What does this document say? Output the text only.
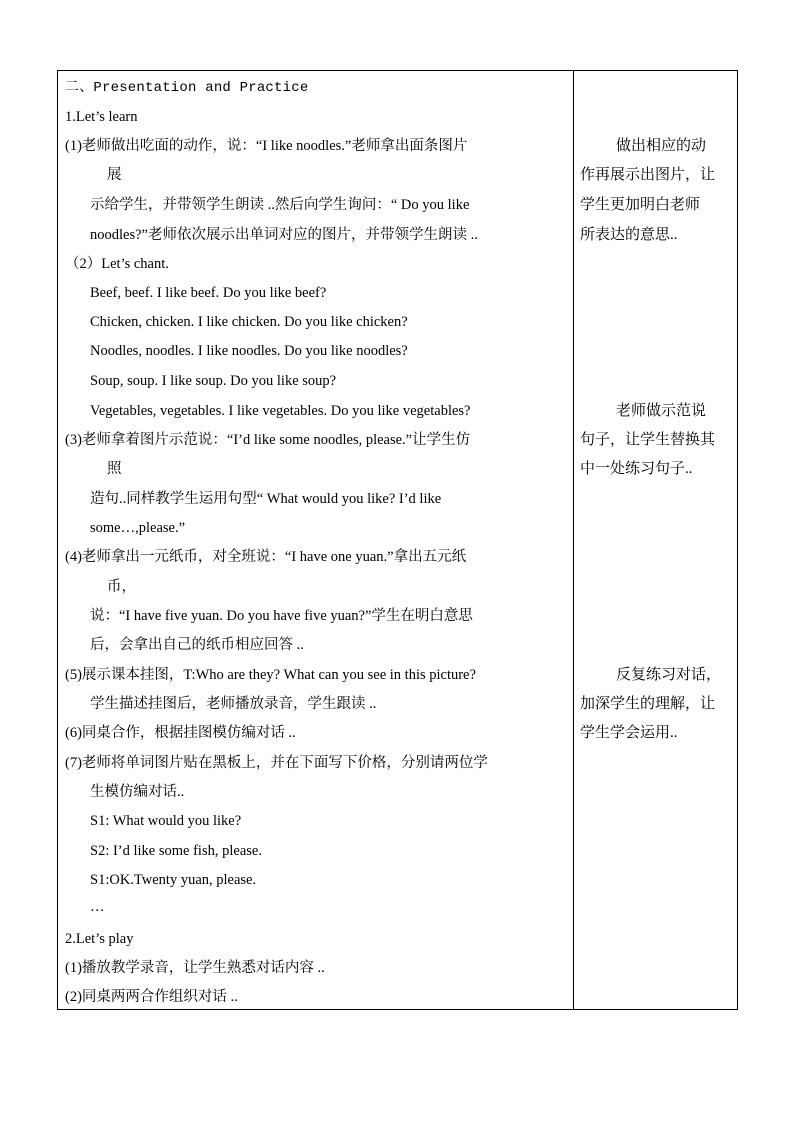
二、Presentation and Practice
1.Let’s learn
(1)老师做出吃面的动作，说：“I like noodles.”老师拿出面条图片
展
示给学生，并带领学生朗读 ..然后向学生询问：“ Do you like
noodles?”老师依次展示出单词对应的图片，并带领学生朗读 ..
（2）Let’s chant.
Beef, beef. I like beef. Do you like beef?
Chicken, chicken. I like chicken. Do you like chicken?
Noodles, noodles. I like noodles. Do you like noodles?
Soup, soup. I like soup. Do you like soup?
Vegetables, vegetables. I like vegetables. Do you like vegetables?
(3)老师拿着图片示范说：“I’d like some noodles, please.”让学生仿
照
造句..同样教学生运用句型“ What would you like? I’d like
some…,please.”
(4)老师拿出一元纸币，对全班说：“I have one yuan.”拿出五元纸
币，
说：“I have five yuan. Do you have five yuan?”学生在明白意思
后，会拿出自己的纸币相应回答 ..
(5)展示课本挂图，T:Who are they? What can you see in this picture?
学生描述挂图后，老师播放录音，学生跟读 ..
(6)同桌合作，根据挂图模仿编对话 ..
(7)老师将单词图片贴在黑板上，并在下面写下价格，分别请两位学
生模仿编对话..
S1: What would you like?
S2: I’d like some fish, please.
S1:OK.Twenty yuan, please.
…
2.Let’s play
(1)播放教学录音，让学生熟悉对话内容 ..
(2)同桌两两合作组织对话 ..
做出相应的动
作再展示出图片，让
学生更加明白老师
所表达的意思..
老师做示范说
句子，让学生替换其
中一处练习句子..
反复练习对话，
加深学生的理解，让
学生学会运用..
